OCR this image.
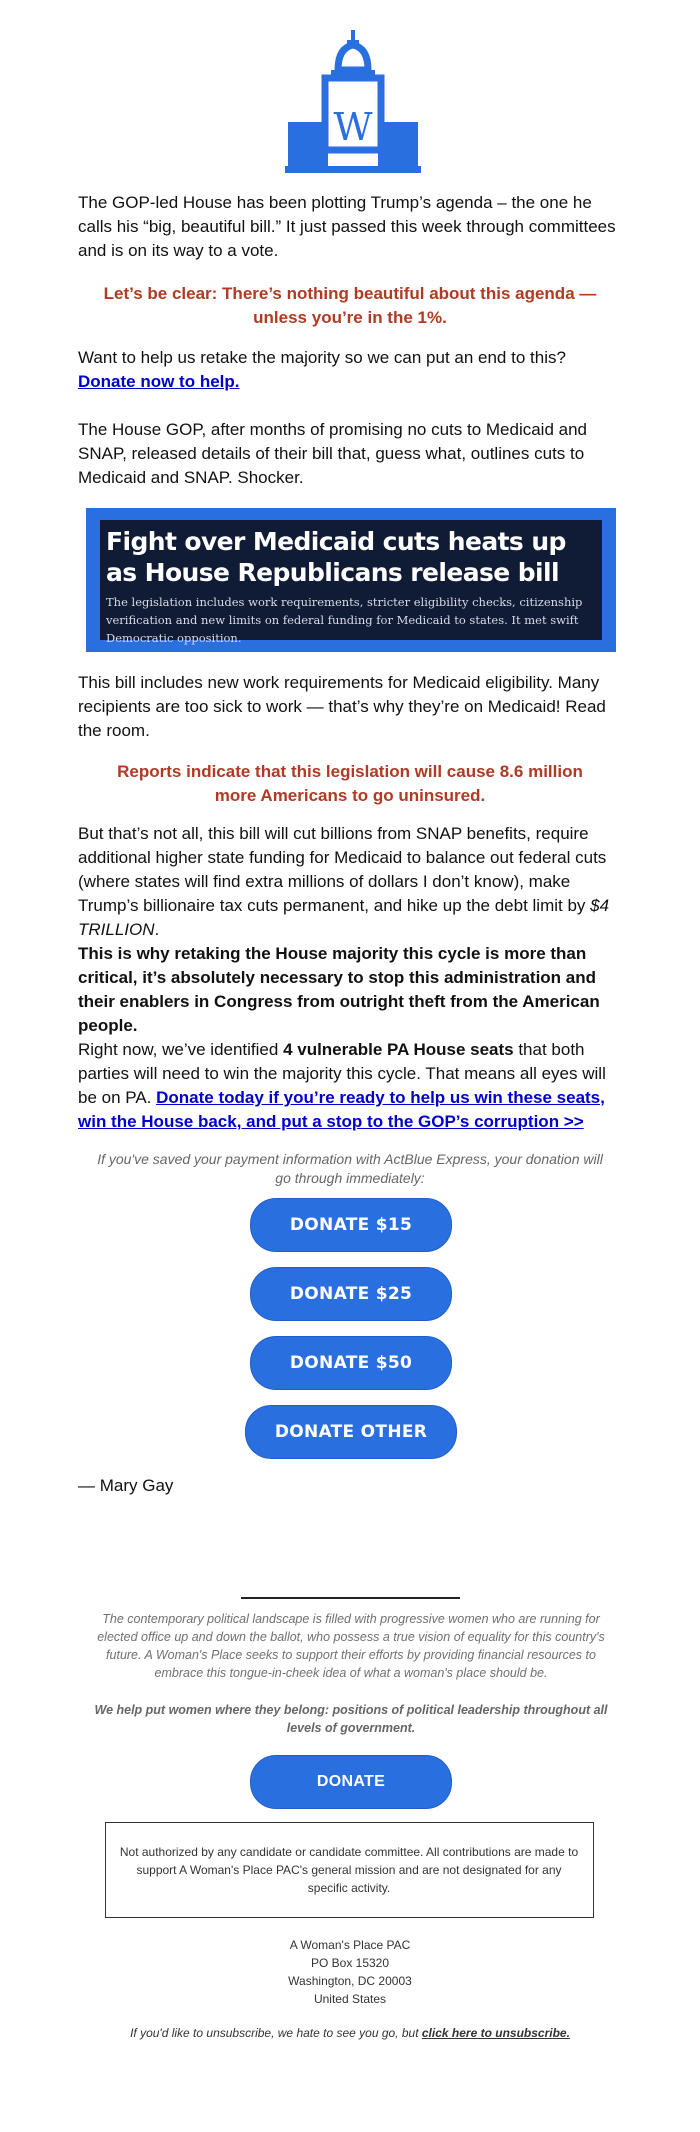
W

The GOP-led House has been plotting Trump’s agenda – the one he calls his “big, beautiful bill.” It just passed this week through committees and is on its way to a vote.

Let’s be clear: There’s nothing beautiful about this agenda — unless you’re in the 1%.

Want to help us retake the majority so we can put an end to this? Donate now to help.

The House GOP, after months of promising no cuts to Medicaid and SNAP, released details of their bill that, guess what, outlines cuts to Medicaid and SNAP. Shocker.

Fight over Medicaid cuts heats up as House Republicans release bill

The legislation includes work requirements, stricter eligibility checks, citizenship verification and new limits on federal funding for Medicaid to states. It met swift Democratic opposition.

This bill includes new work requirements for Medicaid eligibility. Many recipients are too sick to work — that’s why they’re on Medicaid! Read the room.

Reports indicate that this legislation will cause 8.6 million more Americans to go uninsured.

But that’s not all, this bill will cut billions from SNAP benefits, require additional higher state funding for Medicaid to balance out federal cuts (where states will find extra millions of dollars I don’t know), make Trump’s billionaire tax cuts permanent, and hike up the debt limit by $4 TRILLION.

This is why retaking the House majority this cycle is more than critical, it’s absolutely necessary to stop this administration and their enablers in Congress from outright theft from the American people.

Right now, we’ve identified 4 vulnerable PA House seats that both parties will need to win the majority this cycle. That means all eyes will be on PA. Donate today if you’re ready to help us win these seats, win the House back, and put a stop to the GOP’s corruption >>

If you've saved your payment information with ActBlue Express, your donation will go through immediately:

DONATE $15
DONATE $25
DONATE $50
DONATE OTHER

— Mary Gay

The contemporary political landscape is filled with progressive women who are running for elected office up and down the ballot, who possess a true vision of equality for this country's future. A Woman's Place seeks to support their efforts by providing financial resources to embrace this tongue-in-cheek idea of what a woman's place should be.

We help put women where they belong: positions of political leadership throughout all levels of government.

DONATE

Not authorized by any candidate or candidate committee. All contributions are made to support A Woman's Place PAC's general mission and are not designated for any specific activity.

A Woman's Place PAC
PO Box 15320
Washington, DC 20003
United States

If you'd like to unsubscribe, we hate to see you go, but click here to unsubscribe.
